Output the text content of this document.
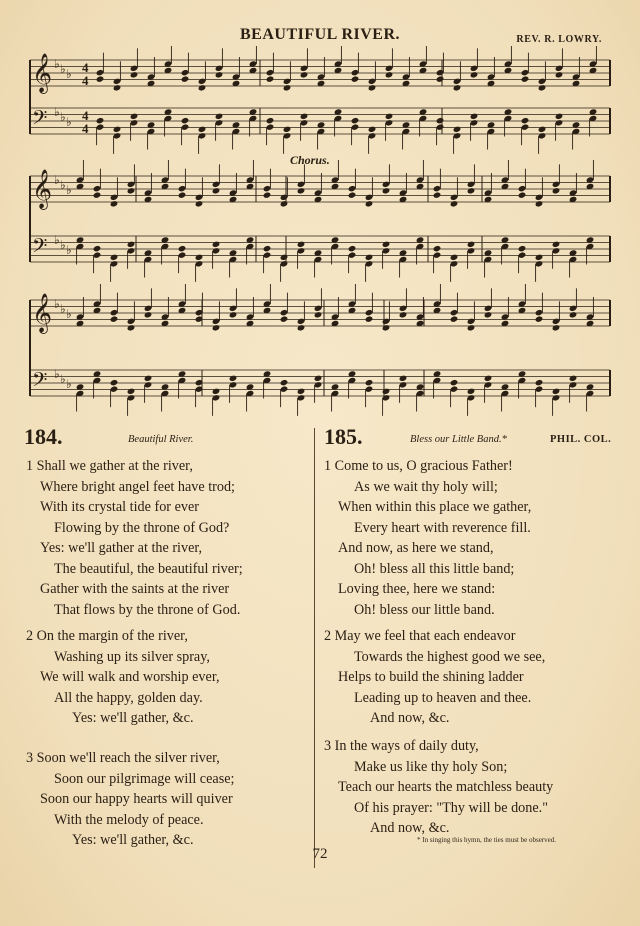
BEAUTIFUL RIVER.	REV. R. LOWRY.
𝄞 ♭ ♭ ♭
𝄢 ♭ ♭ ♭
𝄞 ♭ ♭ ♭
𝄢 ♭ ♭ ♭
𝄞 ♭ ♭ ♭
𝄢 ♭ ♭ ♭
4
4
4
4
Chorus.
184.	Beautiful River.	185.	Bless our Little Band.*	PHIL. COL.
1 Shall we gather at the river,
Where bright angel feet have trod;
With its crystal tide for ever
Flowing by the throne of God?
Yes: we'll gather at the river,
The beautiful, the beautiful river;
Gather with the saints at the river
That flows by the throne of God.
2 On the margin of the river,
Washing up its silver spray,
We will walk and worship ever,
All the happy, golden day.
Yes: we'll gather, &c.
3 Soon we'll reach the silver river,
Soon our pilgrimage will cease;
Soon our happy hearts will quiver
With the melody of peace.
Yes: we'll gather, &c.
1 Come to us, O gracious Father!
As we wait thy holy will;
When within this place we gather,
Every heart with reverence fill.
And now, as here we stand,
Oh! bless all this little band;
Loving thee, here we stand:
Oh! bless our little band.
2 May we feel that each endeavor
Towards the highest good we see,
Helps to build the shining ladder
Leading up to heaven and thee.
And now, &c.
3 In the ways of daily duty,
Make us like thy holy Son;
Teach our hearts the matchless beauty
Of his prayer: "Thy will be done."
And now, &c.
* In singing this hymn, the ties must be observed.
72
